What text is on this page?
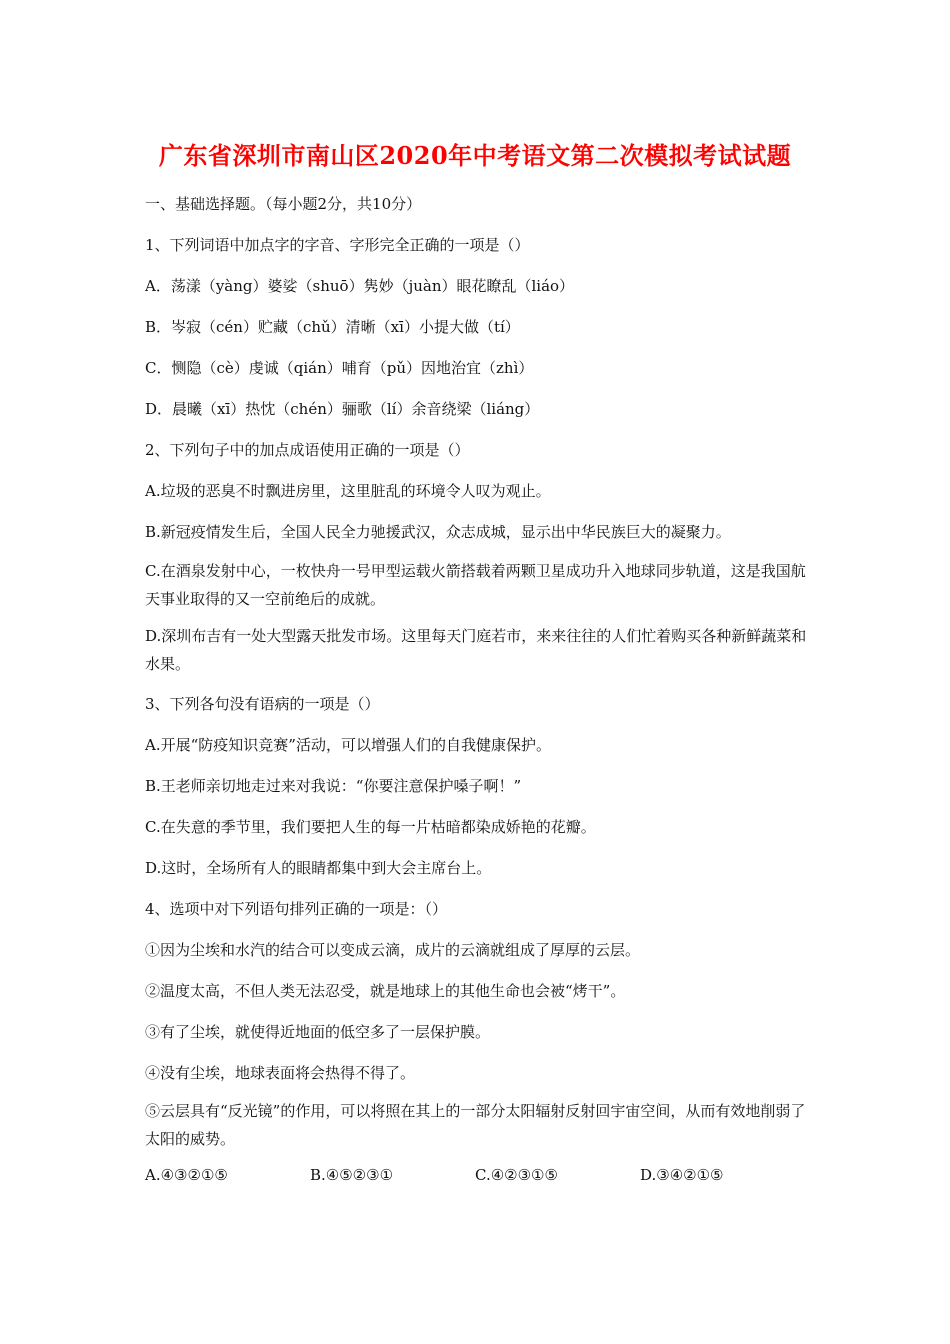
广东省深圳市南山区2020年中考语文第二次模拟考试试题
一、基础选择题。（每小题2分，共10分）
1、下列词语中加点字的字音、字形完全正确的一项是（）
A．荡漾（yàng）婆娑（shuō）隽妙（juàn）眼花瞭乱（liáo）
B．岑寂（cén）贮藏（chǔ）清晰（xī）小提大做（tí）
C．恻隐（cè）虔诚（qián）哺育（pǔ）因地治宜（zhì）
D．晨曦（xī）热忱（chén）骊歌（lí）余音绕梁（liáng）
2、下列句子中的加点成语使用正确的一项是（）
A.垃圾的恶臭不时飘进房里，这里脏乱的环境令人叹为观止。
B.新冠疫情发生后，全国人民全力驰援武汉，众志成城，显示出中华民族巨大的凝聚力。
C.在酒泉发射中心，一枚快舟一号甲型运载火箭搭载着两颗卫星成功升入地球同步轨道，这是我国航天事业取得的又一空前绝后的成就。
D.深圳布吉有一处大型露天批发市场。这里每天门庭若市，来来往往的人们忙着购买各种新鲜蔬菜和水果。
3、下列各句没有语病的一项是（）
A.开展“防疫知识竞赛”活动，可以增强人们的自我健康保护。
B.王老师亲切地走过来对我说：“你要注意保护嗓子啊！”
C.在失意的季节里，我们要把人生的每一片枯暗都染成娇艳的花瓣。
D.这时，全场所有人的眼睛都集中到大会主席台上。
4、选项中对下列语句排列正确的一项是：（）
①因为尘埃和水汽的结合可以变成云滴，成片的云滴就组成了厚厚的云层。
②温度太高，不但人类无法忍受，就是地球上的其他生命也会被“烤干”。
③有了尘埃，就使得近地面的低空多了一层保护膜。
④没有尘埃，地球表面将会热得不得了。
⑤云层具有“反光镜”的作用，可以将照在其上的一部分太阳辐射反射回宇宙空间，从而有效地削弱了太阳的威势。
A.④③②①⑤	B.④⑤②③①	C.④②③①⑤	D.③④②①⑤
